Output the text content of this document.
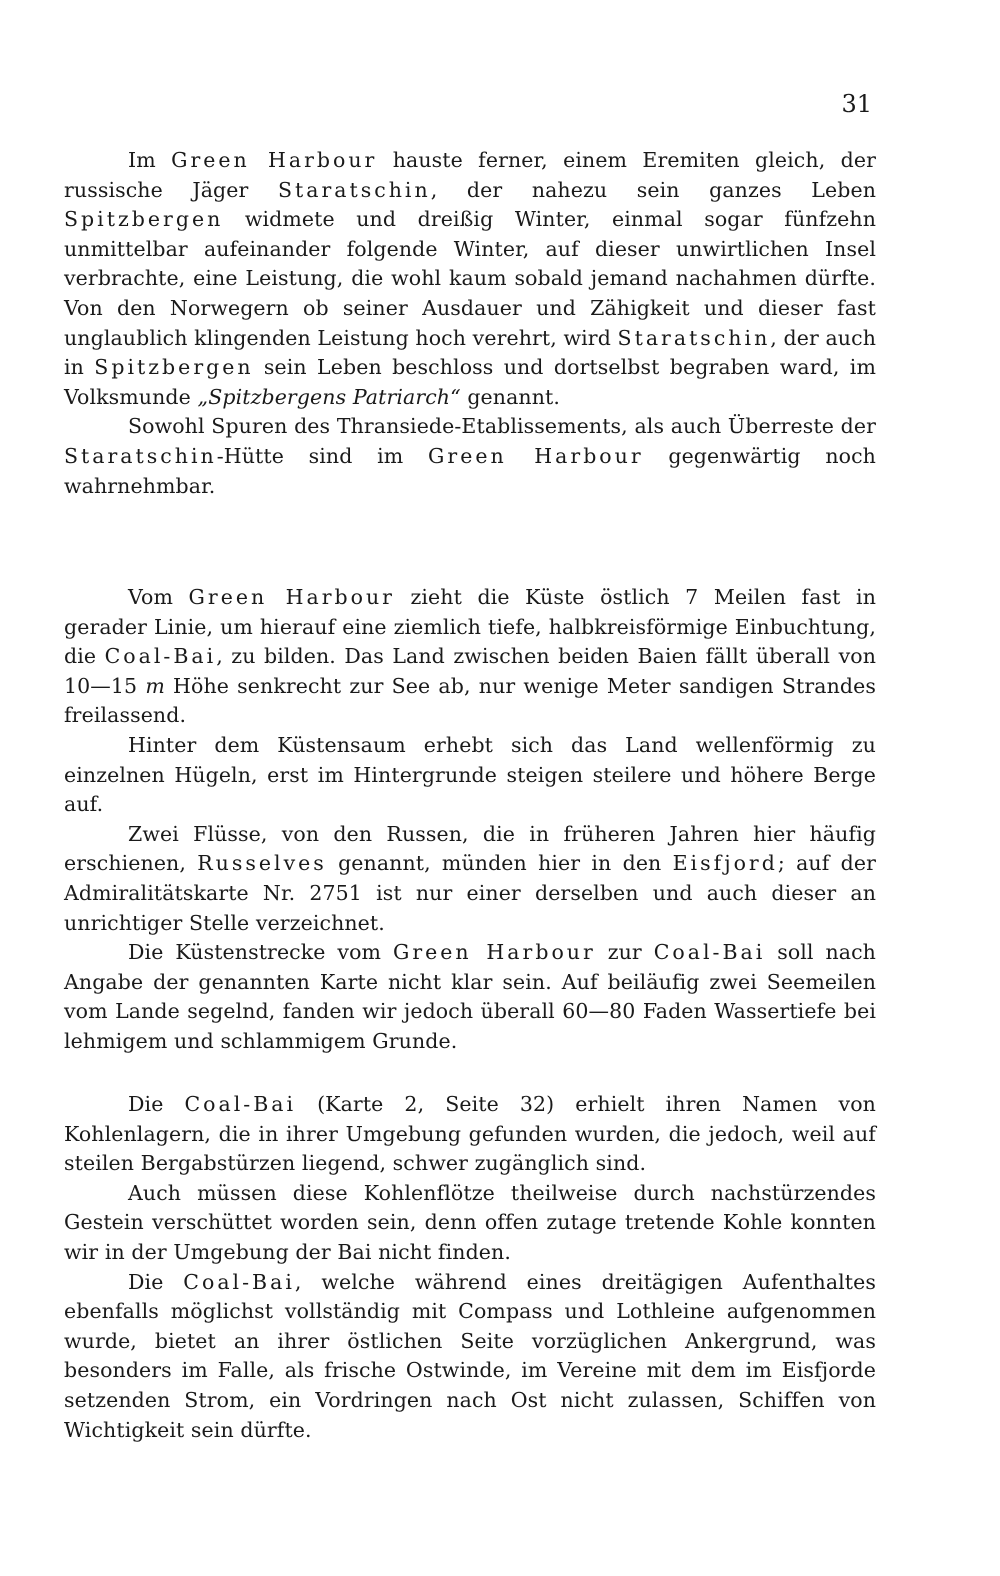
31

Im Green Harbour hauste ferner, einem Eremiten gleich, der russische Jäger Staratschin, der nahezu sein ganzes Leben Spitzbergen widmete und dreißig Winter, einmal sogar fünfzehn unmittelbar aufeinander folgende Winter, auf dieser unwirtlichen Insel verbrachte, eine Leistung, die wohl kaum sobald jemand nachahmen dürfte. Von den Norwegern ob seiner Ausdauer und Zähigkeit und dieser fast unglaublich klingenden Leistung hoch verehrt, wird Staratschin, der auch in Spitzbergen sein Leben beschloss und dortselbst begraben ward, im Volksmunde „Spitzbergens Patriarch“ genannt.

Sowohl Spuren des Thransiede-Etablissements, als auch Überreste der Staratschin-Hütte sind im Green Harbour gegenwärtig noch wahrnehmbar.

Vom Green Harbour zieht die Küste östlich 7 Meilen fast in gerader Linie, um hierauf eine ziemlich tiefe, halbkreisförmige Einbuchtung, die Coal-Bai, zu bilden. Das Land zwischen beiden Baien fällt überall von 10—15 m Höhe senkrecht zur See ab, nur wenige Meter sandigen Strandes freilassend.

Hinter dem Küstensaum erhebt sich das Land wellenförmig zu einzelnen Hügeln, erst im Hintergrunde steigen steilere und höhere Berge auf.

Zwei Flüsse, von den Russen, die in früheren Jahren hier häufig erschienen, Russelves genannt, münden hier in den Eisfjord; auf der Admiralitätskarte Nr. 2751 ist nur einer derselben und auch dieser an unrichtiger Stelle verzeichnet.

Die Küstenstrecke vom Green Harbour zur Coal-Bai soll nach Angabe der genannten Karte nicht klar sein. Auf beiläufig zwei Seemeilen vom Lande segelnd, fanden wir jedoch überall 60—80 Faden Wassertiefe bei lehmigem und schlammigem Grunde.

Die Coal-Bai (Karte 2, Seite 32) erhielt ihren Namen von Kohlenlagern, die in ihrer Umgebung gefunden wurden, die jedoch, weil auf steilen Bergabstürzen liegend, schwer zugänglich sind.

Auch müssen diese Kohlenflötze theilweise durch nachstürzendes Gestein verschüttet worden sein, denn offen zutage tretende Kohle konnten wir in der Umgebung der Bai nicht finden.

Die Coal-Bai, welche während eines dreitägigen Aufenthaltes ebenfalls möglichst vollständig mit Compass und Lothleine aufgenommen wurde, bietet an ihrer östlichen Seite vorzüglichen Ankergrund, was besonders im Falle, als frische Ostwinde, im Vereine mit dem im Eisfjorde setzenden Strom, ein Vordringen nach Ost nicht zulassen, Schiffen von Wichtigkeit sein dürfte.
